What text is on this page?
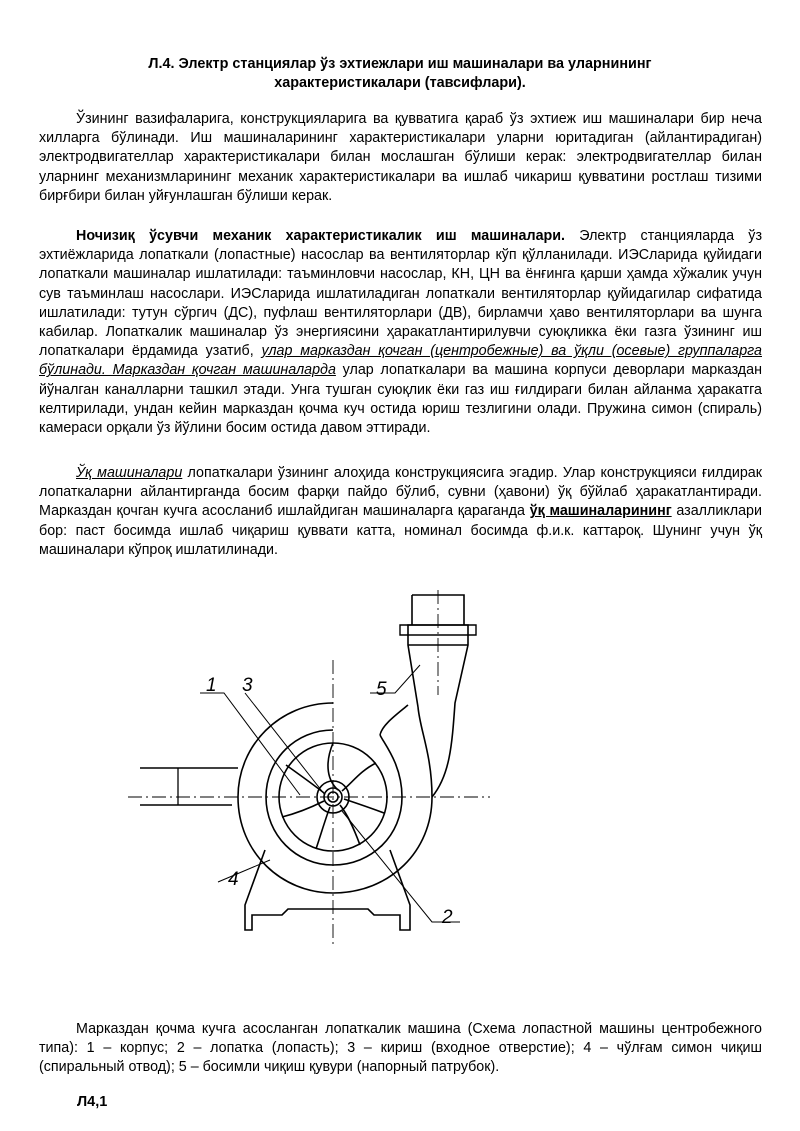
Л.4. Электр станциялар ўз эхтиежлари иш машиналари ва уларнининг
характеристикалари (тавсифлари).

Ўзининг вазифаларига, конструкцияларига ва қувватига қараб ўз эхтиеж иш машиналари бир неча хилларга бўлинади. Иш машиналарининг характеристикалари уларни юритадиган (айлантирадиган) электродвигателлар характеристикалари билан мослашган бўлиши керак: электродвигателлар билан уларнинг механизмларининг механик характеристикалари ва ишлаб чикариш қувватини ростлаш тизими бирғбири билан уйғунлашган бўлиши керак.

Ночизиқ ўсувчи механик характеристикалик иш машиналари. Электр станцияларда ўз эхтиёжларида лопаткали (лопастные) насослар ва вентиляторлар кўп қўлланилади. ИЭСларида қуйидаги лопаткали машиналар ишлатилади: таъминловчи насослар, КН, ЦН ва ёнғинга қарши ҳамда хўжалик учун сув таъминлаш насослари. ИЭСларида ишлатиладиган лопаткали вентиляторлар қуйидагилар сифатида ишлатилади: тутун сўргич (ДС), пуфлаш вентиляторлари (ДВ), бирламчи ҳаво вентиляторлари ва шунга кабилар. Лопаткалик машиналар ўз энергиясини ҳаракатлантирилувчи суюқликка ёки газга ўзининг иш лопаткалари ёрдамида узатиб, улар марказдан қочган (центробежные) ва ўқли (осевые) группаларга бўлинади. Марказдан қочган машиналарда улар лопаткалари ва машина корпуси деворлари марказдан йўналган каналларни ташкил этади. Унга тушган суюқлик ёки газ иш ғилдираги билан айланма ҳаракатга келтирилади, ундан кейин марказдан қочма куч остида юриш тезлигини олади. Пружина симон (спираль) камераси орқали ўз йўлини босим остида давом эттиради.

Ўқ машиналари лопаткалари ўзининг алоҳида конструкциясига эгадир. Улар конструкцияси ғилдирак лопаткаларни айлантирганда босим фарқи пайдо бўлиб, сувни (ҳавони) ўқ бўйлаб ҳаракатлантиради. Марказдан қочган кучга асосланиб ишлайдиган машиналарга қараганда ўқ машиналарининг азалликлари бор: паст босимда ишлаб чиқариш қуввати катта, номинал босимда ф.и.к. каттароқ. Шунинг учун ўқ машиналари кўпроқ ишлатилинади.

1 3	5
4
2

Марказдан қочма кучга асосланган лопаткалик машина (Схема лопастной машины центробежного типа): 1 – корпус; 2 – лопатка (лопасть); 3 – кириш (входное отверстие); 4 – чўлғам симон чиқиш (спиральный отвод); 5 – босимли чиқиш қувури (напорный патрубок).

Л4,1
